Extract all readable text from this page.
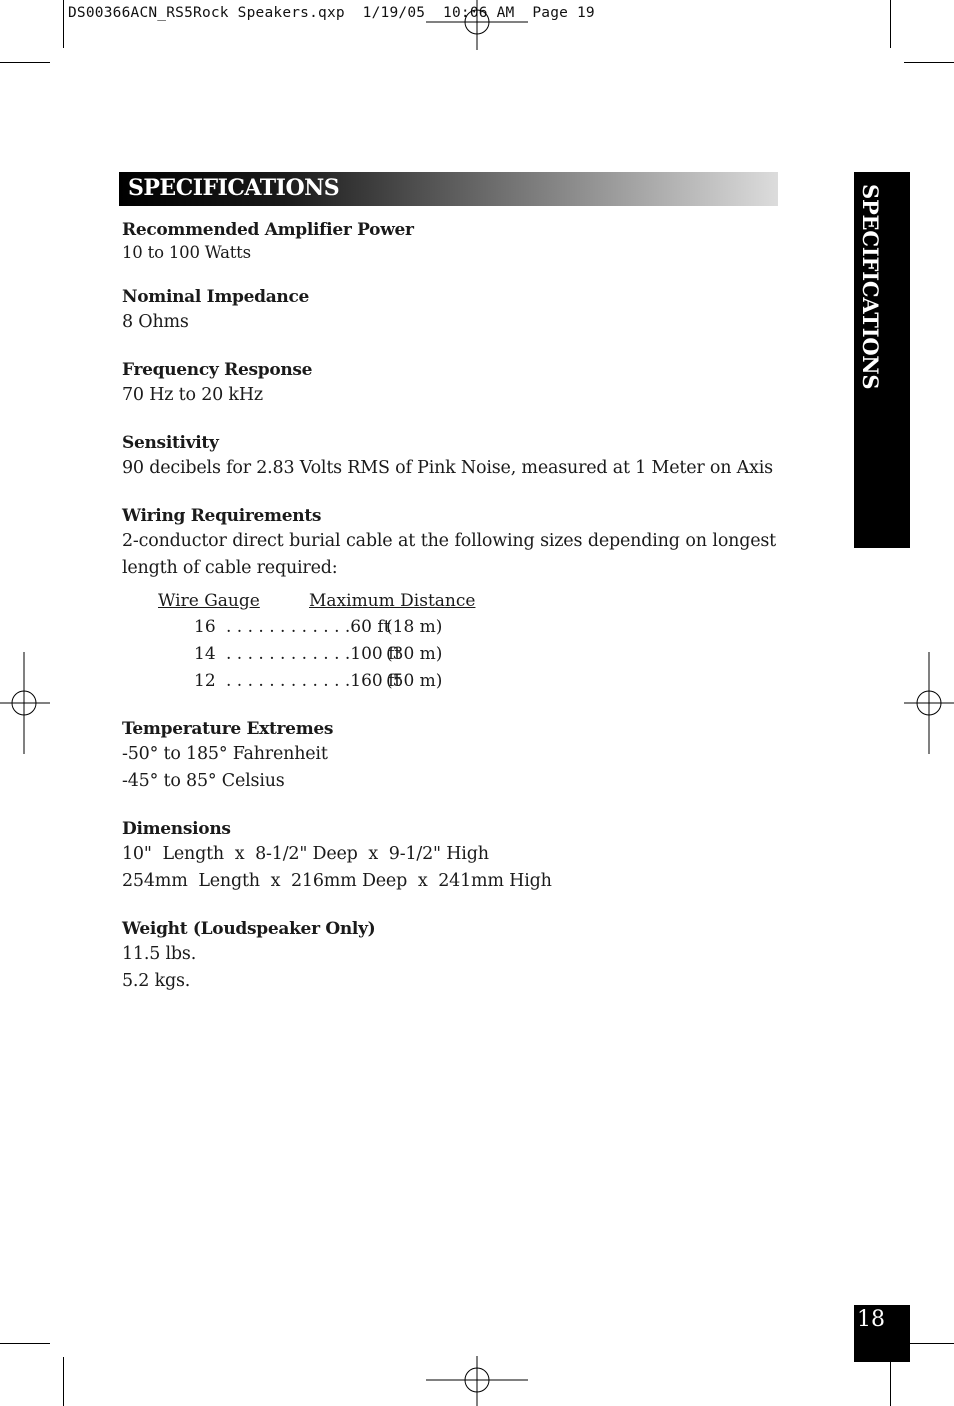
DS00366ACN_RS5Rock Speakers.qxp  1/19/05  10:06 AM  Page 19
SPECIFICATIONS	SPECIFICATIONS
Recommended Amplifier Power

10 to 100 Watts

Nominal Impedance

8 Ohms

Frequency Response

70 Hz to 20 kHz

Sensitivity

90 decibels for 2.83 Volts RMS of Pink Noise, measured at 1 Meter on Axis

Wiring Requirements

2-conductor direct burial cable at the following sizes depending on longest length of cable required:

Wire Gauge	Maximum Distance
16 . . . . . . . . . . . .60 ft
(18 m)
14 . . . . . . . . . . . .100 ft
(30 m)
12 . . . . . . . . . . . .160 ft
(50 m)
Temperature Extremes

-50° to 185° Fahrenheit

-45° to 85° Celsius

Dimensions

10"  Length  x  8-1/2" Deep  x  9-1/2" High

254mm  Length  x  216mm Deep  x  241mm High

Weight (Loudspeaker Only)

11.5 lbs.

5.2 kgs.

18
